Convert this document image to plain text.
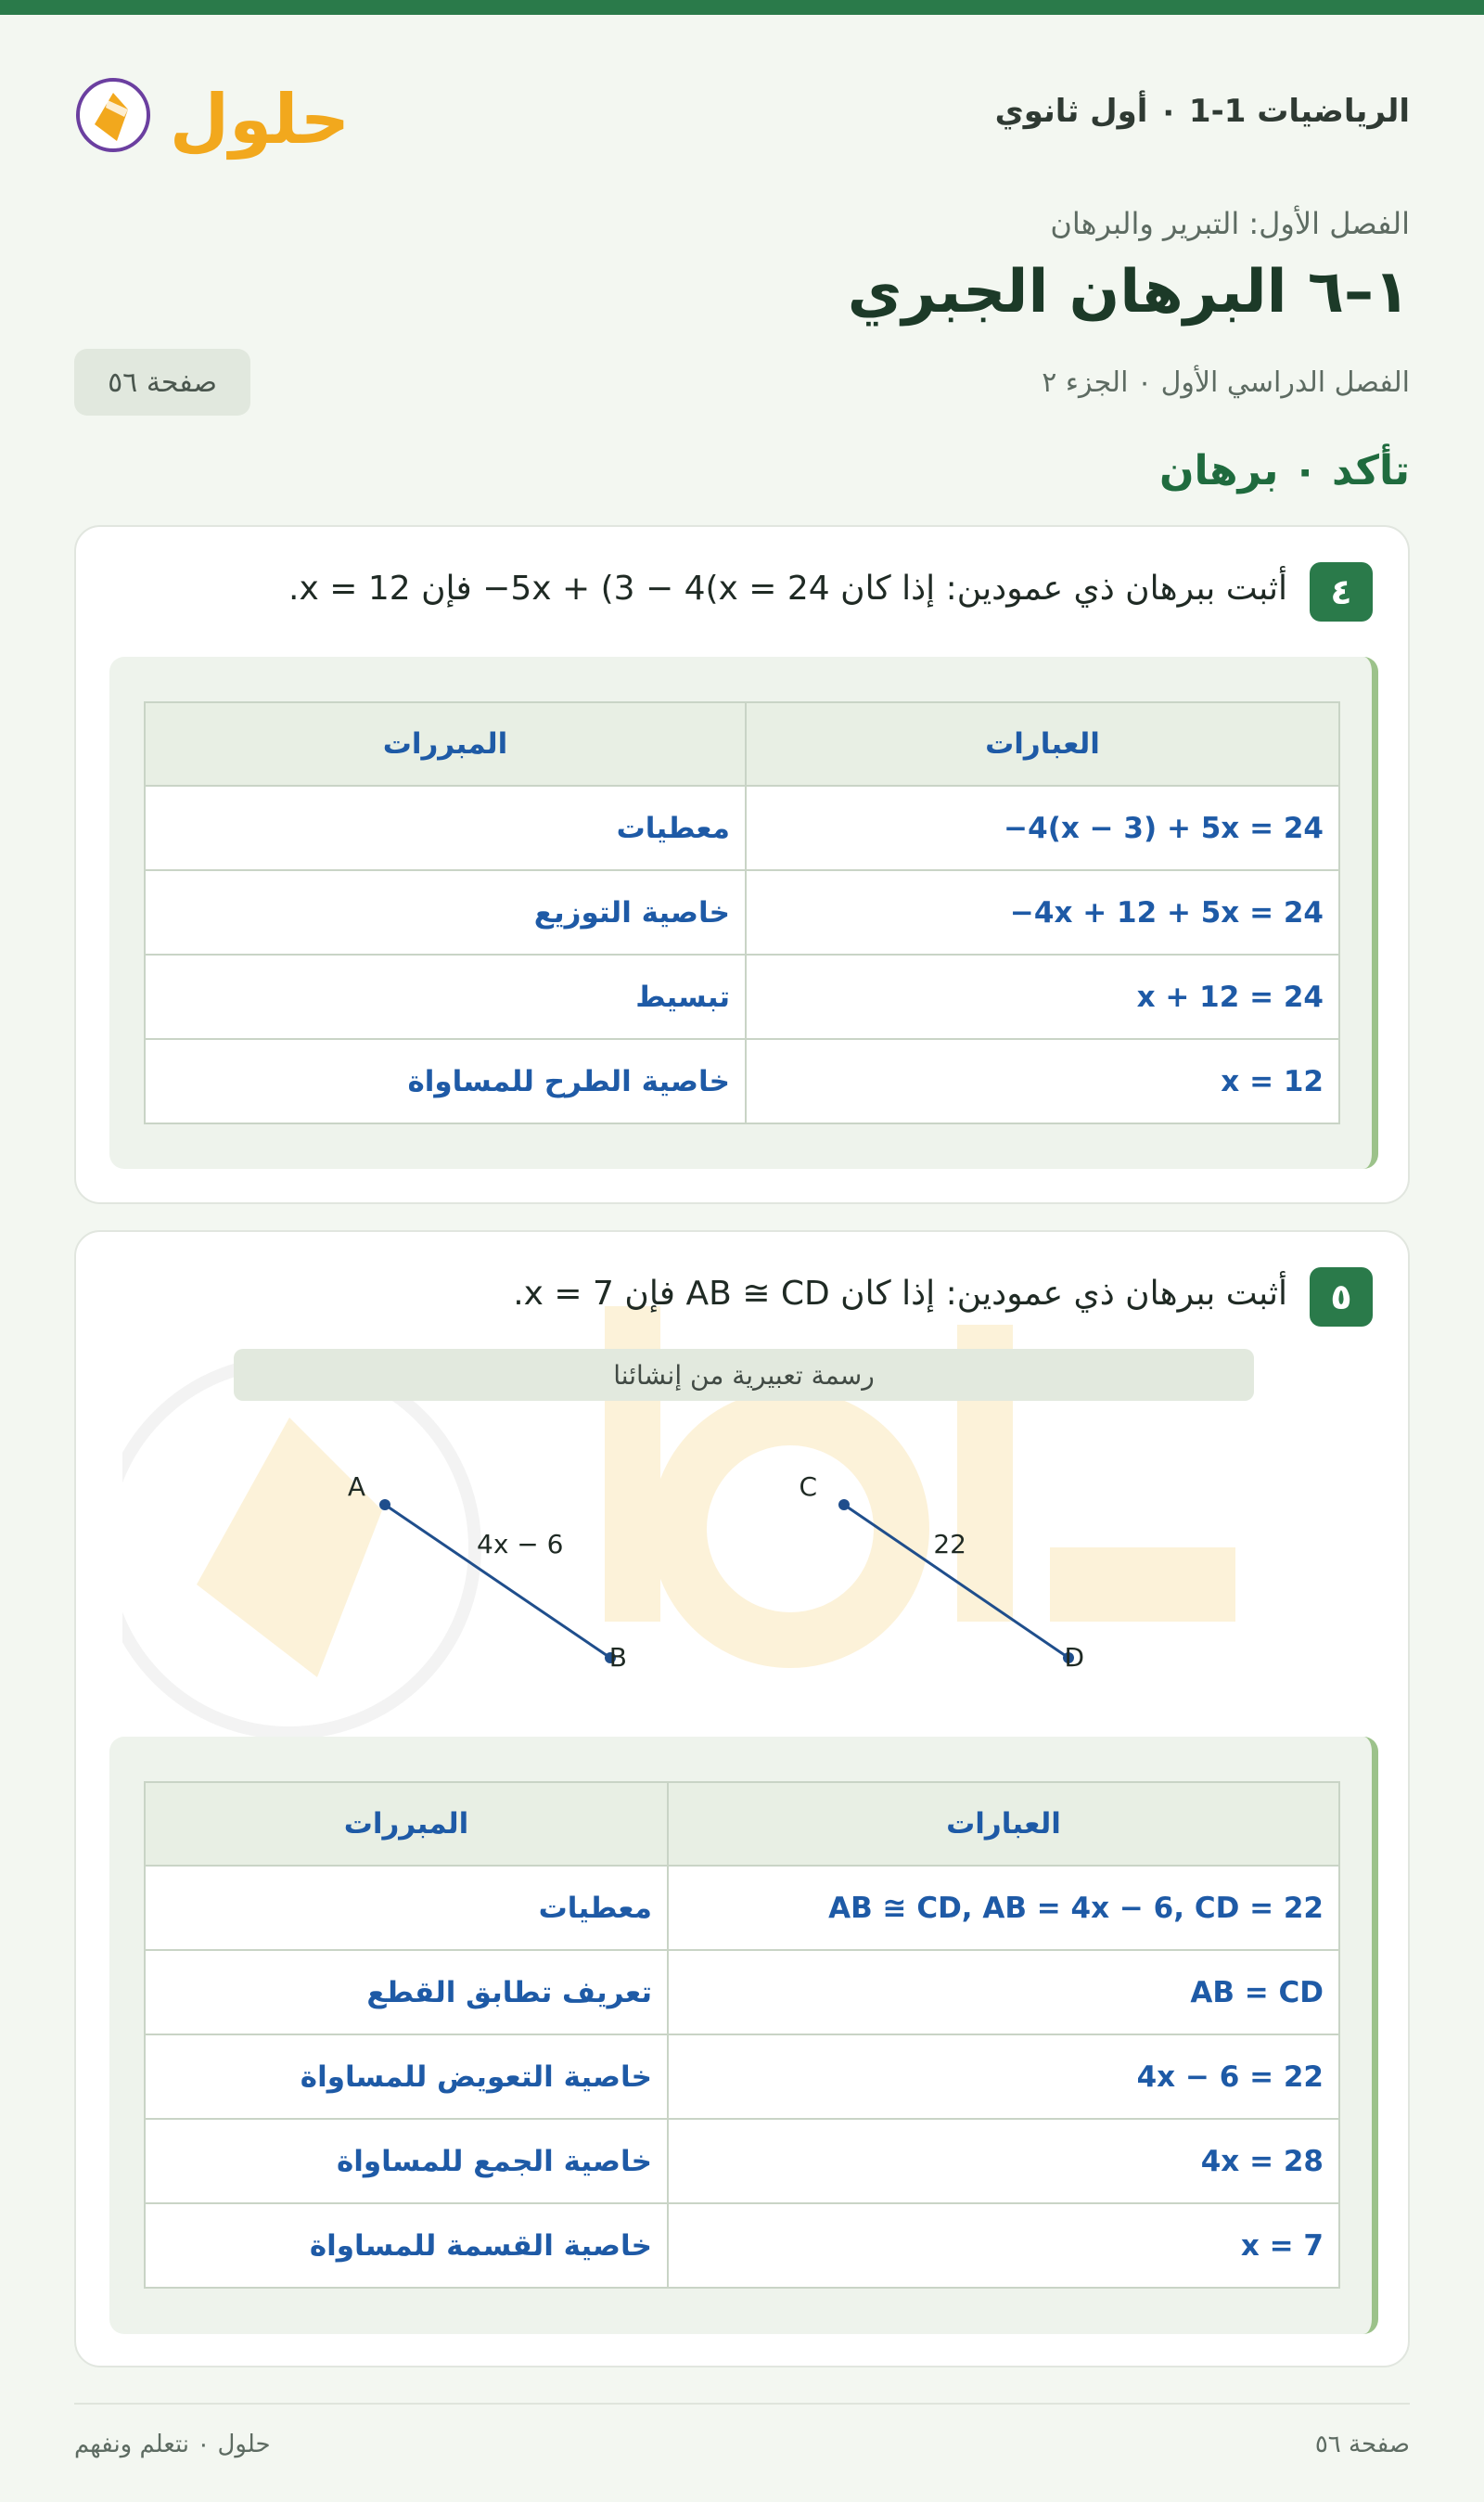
الرياضيات 1-1 ٠ أول ثانوي
حلول
الفصل الأول: التبرير والبرهان
١–٦ البرهان الجبري
الفصل الدراسي الأول ٠ الجزء ٢
صفحة ٥٦
تأكد ٠ برهان
٤
أثبت ببرهان ذي عمودين: إذا كان 24 = 5x + (3 − 4(x− فإن 12 = x.
العبارات	المبررات
−4(x − 3) + 5x = 24	معطيات
−4x + 12 + 5x = 24	خاصية التوزيع
x + 12 = 24	تبسيط
x = 12	خاصية الطرح للمساواة
٥
أثبت ببرهان ذي عمودين: إذا كان AB ≅ CD فإن 7 = x.
رسمة تعبيرية من إنشائنا
A
B
4x − 6
C
D
22
العبارات	المبررات
AB ≅ CD, AB = 4x − 6, CD = 22	معطيات
AB = CD	تعريف تطابق القطع
4x − 6 = 22	خاصية التعويض للمساواة
4x = 28	خاصية الجمع للمساواة
x = 7	خاصية القسمة للمساواة
صفحة ٥٦
حلول ٠ نتعلم ونفهم
